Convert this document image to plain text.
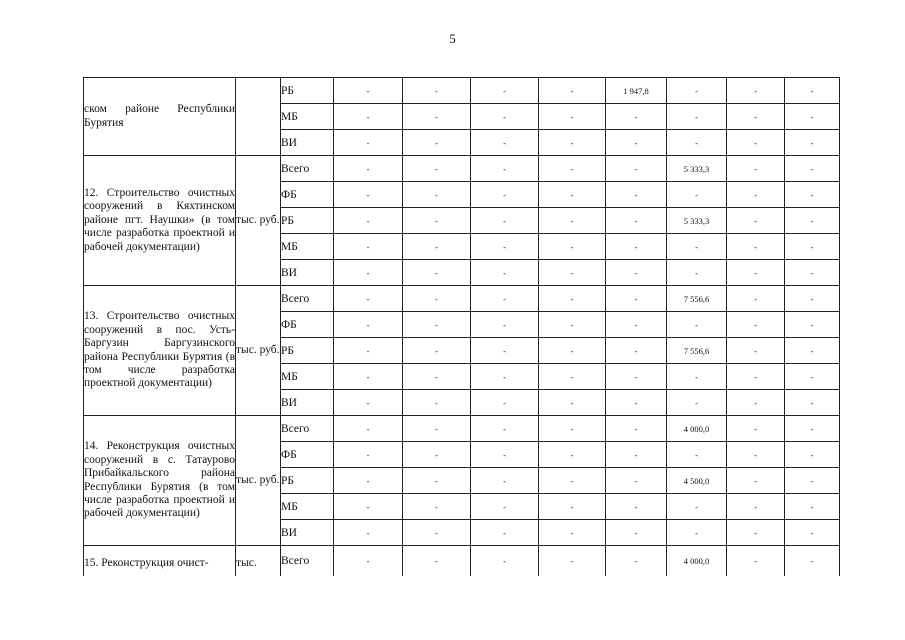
5
ском районе Республики Бурятия		РБ	-	-	-	-	1 947,8	-	-	-
		МБ	-	-	-	-	-	-	-	-
		ВИ	-	-	-	-	-	-	-	-
12. Строительство очистных сооружений в Кяхтинском районе пгт. Наушки» (в том числе разработка проектной и рабочей документации)	тыс. руб.	Всего	-	-	-	-	-	5 333,3	-	-
		ФБ	-	-	-	-	-	-	-	-
		РБ	-	-	-	-	-	5 333,3	-	-
		МБ	-	-	-	-	-	-	-	-
		ВИ	-	-	-	-	-	-	-	-
13. Строительство очистных сооружений в пос. Усть-Баргузин Баргузинского района Республики Бурятия (в том числе разработка проектной документации)	тыс. руб.	Всего	-	-	-	-	-	7 556,6	-	-
		ФБ	-	-	-	-	-	-	-	-
		РБ	-	-	-	-	-	7 556,6	-	-
		МБ	-	-	-	-	-	-	-	-
		ВИ	-	-	-	-	-	-	-	-
14. Реконструкция очистных сооружений в с. Татаурово Прибайкальского района Республики Бурятия (в том числе разработка проектной и рабочей документации)	тыс. руб.	Всего	-	-	-	-	-	4 000,0	-	-
		ФБ	-	-	-	-	-	-	-	-
		РБ	-	-	-	-	-	4 500,0	-	-
		МБ	-	-	-	-	-	-	-	-
		ВИ	-	-	-	-	-	-	-	-
15. Реконструкция очист-	тыс.	Всего	-	-	-	-	-	4 000,0	-	-
